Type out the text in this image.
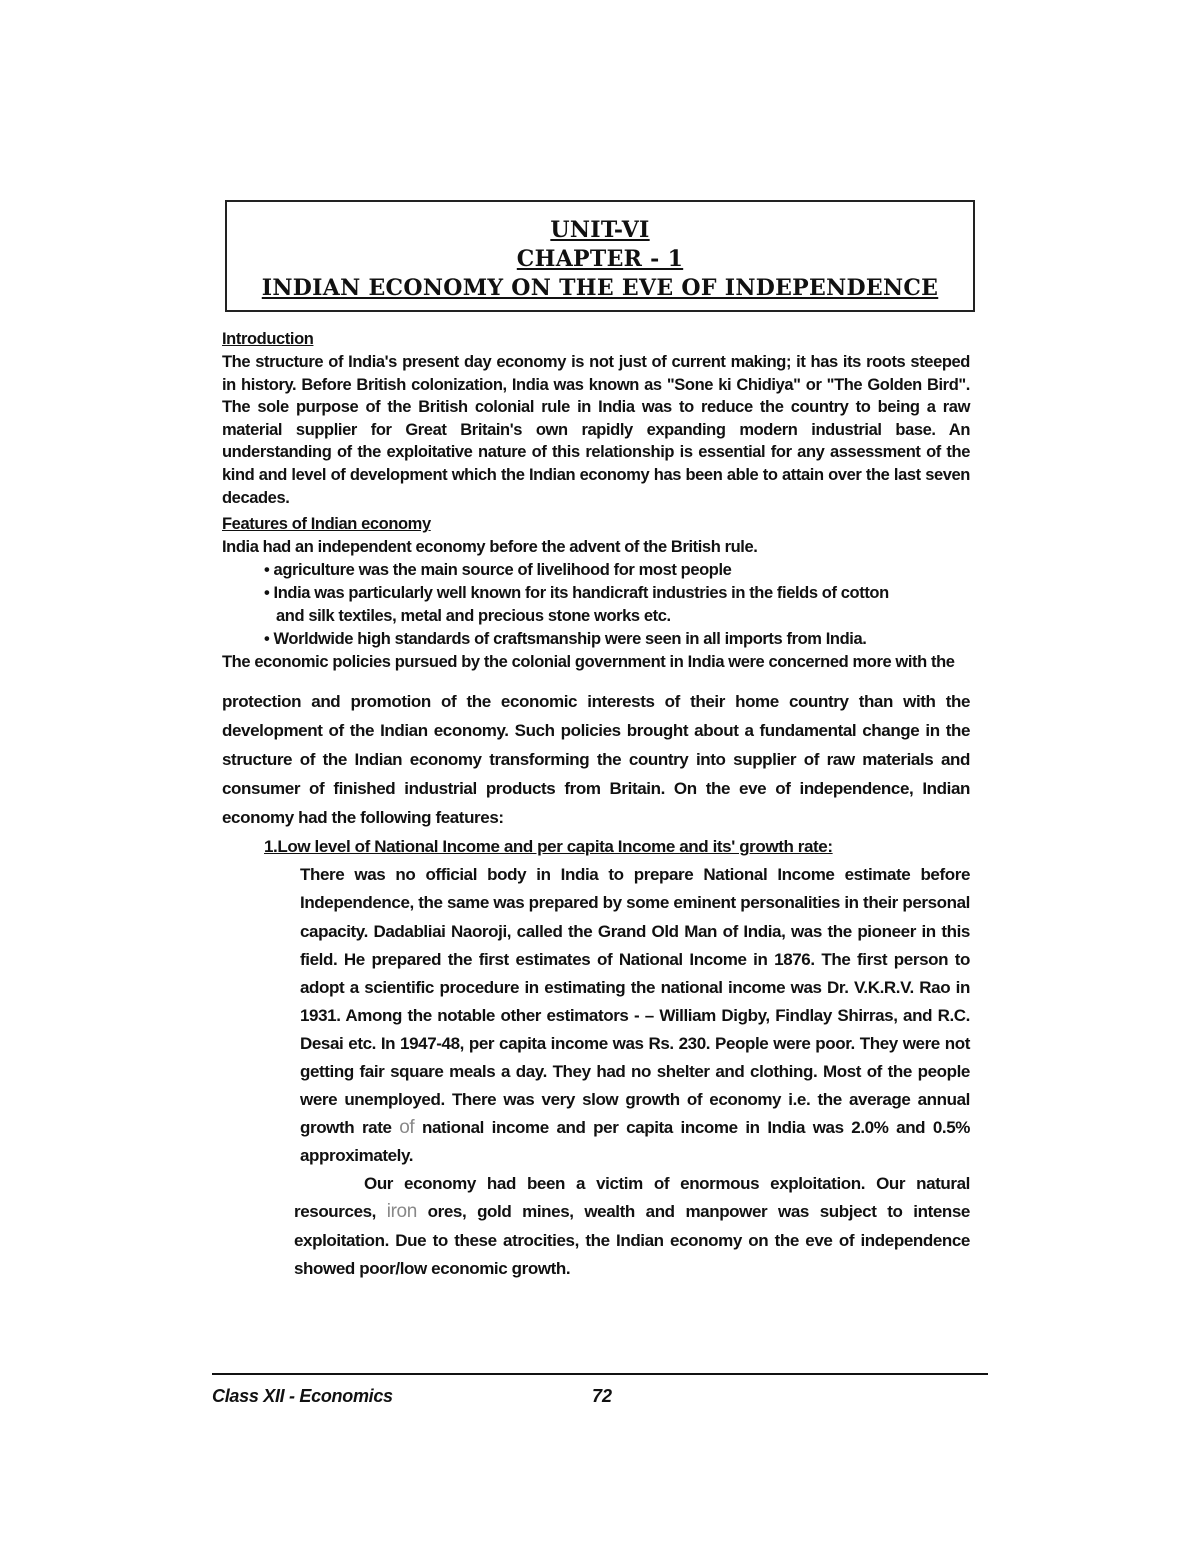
UNIT-VI

CHAPTER - 1

INDIAN ECONOMY ON THE EVE OF INDEPENDENCE

Introduction

The structure of India's present day economy is not just of current making; it has its roots steeped in history. Before British colonization, India was known as "Sone ki Chidiya" or "The Golden Bird". The sole purpose of the British colonial rule in India was to reduce the country to being a raw material supplier for Great Britain's own rapidly expanding modern industrial base. An understanding of the exploitative nature of this relationship is essential for any assessment of the kind and level of development which the Indian economy has been able to attain over the last seven decades.

Features of Indian economy

India had an independent economy before the advent of the British rule.

• agriculture was the main source of livelihood for most people
• India was particularly well known for its handicraft industries in the fields of cotton
and silk textiles, metal and precious stone works etc.
• Worldwide high standards of craftsmanship were seen in all imports from India.

The economic policies pursued by the colonial government in India were concerned more with the

protection and promotion of the economic interests of their home country than with the development of the Indian economy. Such policies brought about a fundamental change in the structure of the Indian economy transforming the country into supplier of raw materials and consumer of finished industrial products from Britain. On the eve of independence, Indian economy had the following features:

1.Low level of National Income and per capita Income and its' growth rate:

There was no official body in India to prepare National Income estimate before Independence, the same was prepared by some eminent personalities in their personal capacity. Dadabliai Naoroji, called the Grand Old Man of India, was the pioneer in this field. He prepared the first estimates of National Income in 1876. The first person to adopt a scientific procedure in estimating the national income was Dr. V.K.R.V. Rao in 1931. Among the notable other estimators - – William Digby, Findlay Shirras, and R.C. Desai etc. In 1947-48, per capita income was Rs. 230. People were poor. They were not getting fair square meals a day. They had no shelter and clothing. Most of the people were unemployed. There was very slow growth of economy i.e. the average annual growth rate of national income and per capita income in India was 2.0% and 0.5% approximately.

Our economy had been a victim of enormous exploitation. Our natural resources, iron ores, gold mines, wealth and manpower was subject to intense exploitation. Due to these atrocities, the Indian economy on the eve of independence showed poor/low economic growth.

Class XII - Economics	72
